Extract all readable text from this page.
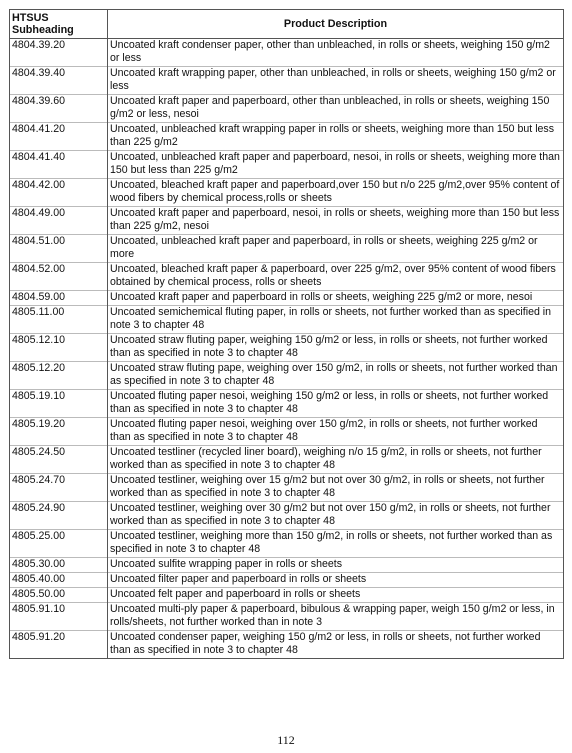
HTSUS
Subheading	Product Description
4804.39.20	Uncoated kraft condenser paper, other than unbleached, in rolls or sheets, weighing 150 g/m2 or less
4804.39.40	Uncoated kraft wrapping paper, other than unbleached, in rolls or sheets, weighing 150 g/m2 or less
4804.39.60	Uncoated kraft paper and paperboard, other than unbleached, in rolls or sheets, weighing 150 g/m2 or less, nesoi
4804.41.20	Uncoated, unbleached kraft wrapping paper in rolls or sheets, weighing more than 150 but less than 225 g/m2
4804.41.40	Uncoated, unbleached kraft paper and paperboard, nesoi, in rolls or sheets, weighing more than 150 but less than 225 g/m2
4804.42.00	Uncoated, bleached kraft paper and paperboard,over 150 but n/o 225 g/m2,over 95% content of wood fibers by chemical process,rolls or sheets
4804.49.00	Uncoated kraft paper and paperboard, nesoi, in rolls or sheets, weighing more than 150 but less than 225 g/m2, nesoi
4804.51.00	Uncoated, unbleached kraft paper and paperboard, in rolls or sheets, weighing 225 g/m2 or more
4804.52.00	Uncoated, bleached kraft paper & paperboard, over 225 g/m2, over 95% content of wood fibers obtained by chemical process, rolls or sheets
4804.59.00	Uncoated kraft paper and paperboard in rolls or sheets, weighing 225 g/m2 or more, nesoi
4805.11.00	Uncoated semichemical fluting paper, in rolls or sheets, not further worked than as specified in note 3 to chapter 48
4805.12.10	Uncoated straw fluting paper, weighing 150 g/m2 or less, in rolls or sheets, not further worked than as specified in note 3 to chapter 48
4805.12.20	Uncoated straw fluting pape, weighing over 150 g/m2, in rolls or sheets, not further worked than as specified in note 3 to chapter 48
4805.19.10	Uncoated fluting paper nesoi, weighing 150 g/m2 or less, in rolls or sheets, not further worked than as specified in note 3 to chapter 48
4805.19.20	Uncoated fluting paper nesoi, weighing over 150 g/m2, in rolls or sheets, not further worked than as specified in note 3 to chapter 48
4805.24.50	Uncoated testliner (recycled liner board), weighing n/o 15 g/m2, in rolls or sheets, not further worked than as specified in note 3 to chapter 48
4805.24.70	Uncoated testliner, weighing over 15 g/m2 but not over 30 g/m2, in rolls or sheets, not further worked than as specified in note 3 to chapter 48
4805.24.90	Uncoated testliner, weighing over 30 g/m2 but not over 150 g/m2, in rolls or sheets, not further worked than as specified in note 3 to chapter 48
4805.25.00	Uncoated testliner, weighing more than 150 g/m2, in rolls or sheets, not further worked than as specified in note 3 to chapter 48
4805.30.00	Uncoated sulfite wrapping paper in rolls or sheets
4805.40.00	Uncoated filter paper and paperboard in rolls or sheets
4805.50.00	Uncoated felt paper and paperboard in rolls or sheets
4805.91.10	Uncoated multi-ply paper & paperboard, bibulous & wrapping paper, weigh 150 g/m2 or less, in rolls/sheets, not further worked than in note 3
4805.91.20	Uncoated condenser paper, weighing 150 g/m2 or less, in rolls or sheets, not further worked than as specified in note 3 to chapter 48
112
